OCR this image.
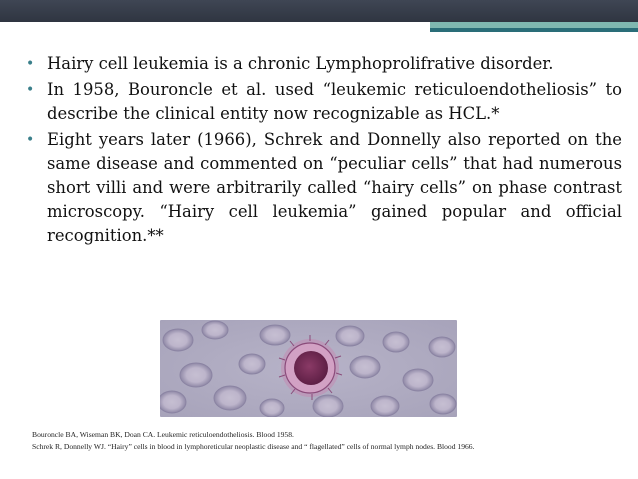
• Hairy cell leukemia is a chronic Lymphoprolifrative disorder.

• In 1958, Bouroncle et al. used “leukemic reticuloendotheliosis” to describe the clinical entity now recognizable as HCL.*

• Eight years later (1966), Schrek and Donnelly also reported on the same disease and commented on “peculiar cells” that had numerous short villi and were arbitrarily called “hairy cells” on phase contrast microscopy. “Hairy cell leukemia” gained popular and official recognition.**

Bouroncle BA, Wiseman BK, Doan CA. Leukemic reticuloendotheliosis. Blood 1958.
Schrek R, Donnelly WJ. “Hairy” cells in blood in lymphoreticular neoplastic disease and “ flagellated” cells of normal lymph nodes. Blood 1966.
